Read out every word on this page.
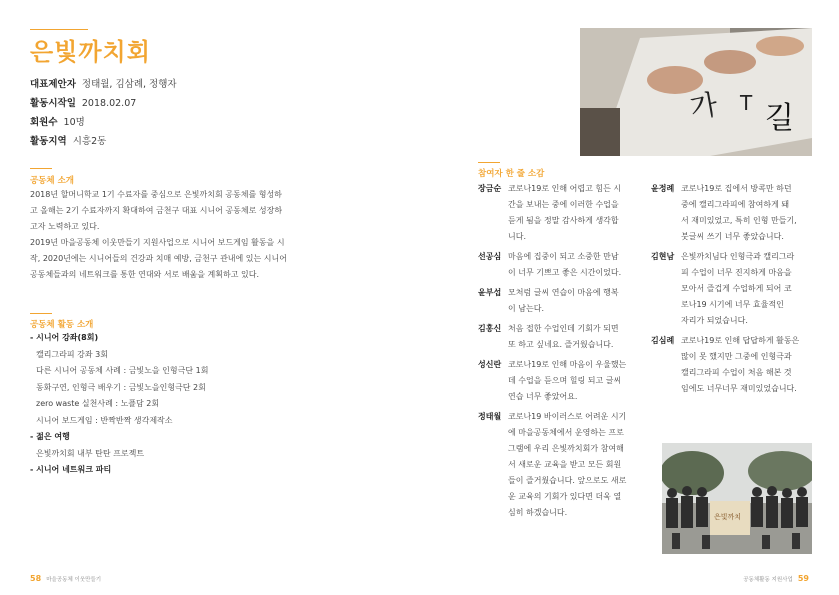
은빛까치회
대표제안자 정태월, 김삼례, 정행자
활동시작일 2018.02.07
회원수 10명
활동지역 시흥2동
공동체 소개
2018년 할머니학교 1기 수료자를 중심으로 은빛까치회 공동체를 형성하
고 올해는 2기 수료자까지 확대하여 금천구 대표 시니어 공동체로 성장하
고자 노력하고 있다.
2019년 마을공동체 이웃만들기 지원사업으로 시니어 보드게임 활동을 시
작, 2020년에는 시니어들의 건강과 치매 예방, 금천구 관내에 있는 시니어
공동체들과의 네트워크를 통한 연대와 서로 배움을 계획하고 있다.
공동체 활동 소개
- 시니어 강좌(8회)
캘리그라피 강좌 3회
다른 시니어 공동체 사례 : 금빛노을 인형극단 1회
동화구연, 인형극 배우기 : 금빛노을인형극단 2회
zero waste 실천사례 : 노플담 2회
시니어 보드게임 : 반짝반짝 생각제작소
- 젊은 여행
은빛까치회 내부 탄탄 프로젝트
- 시니어 네트워크 파티
가 T 길
참여자 한 줄 소감
장금순 코로나19로 인해 어렵고 힘든 시
간을 보내는 중에 이러한 수업을
듣게 됨을 정말 감사하게 생각합
니다.
선공심 마음에 집중이 되고 소중한 만남
이 너무 기쁘고 좋은 시간이었다.
윤부섭 모처럼 글씨 연습이 마음에 행복
이 남는다.
김홍신 처음 접한 수업인데 기회가 되면
또 하고 싶네요. 즐거웠습니다.
성신란 코로나19로 인해 마음이 우울했는
데 수업을 듣으며 힐링 되고 글씨
연습 너무 좋았어요.
정태월 코로나19 바이러스로 어려운 시기
에 마을공동체에서 운영하는 프로
그램에 우리 은빛까치회가 참여해
서 새로운 교육을 받고 모든 회원
들이 즐거웠습니다. 앞으로도 새로
운 교육의 기회가 있다면 더욱 열
심히 하겠습니다.
윤정례 코로나19로 집에서 방콕만 하던
중에 캘리그라피에 참여하게 돼
서 재미있었고, 특히 인형 만들기,
붓글씨 쓰기 너무 좋았습니다.
김현남 은빛까치님다 인형극과 캘리그라
피 수업이 너무 진지하게 마음을
모아서 즐겁게 수업하게 되어 코
로나19 시기에 너무 효율적인
자리가 되었습니다.
김심례 코로나19로 인해 답답하게 활동은
많이 못 했지만 그중에 인형극과
캘리그라피 수업이 처음 해본 것
임에도 너무너무 재미있었습니다.
은빛까치
58 마을공동체 이웃만들기	공동체활동 지원사업 59
